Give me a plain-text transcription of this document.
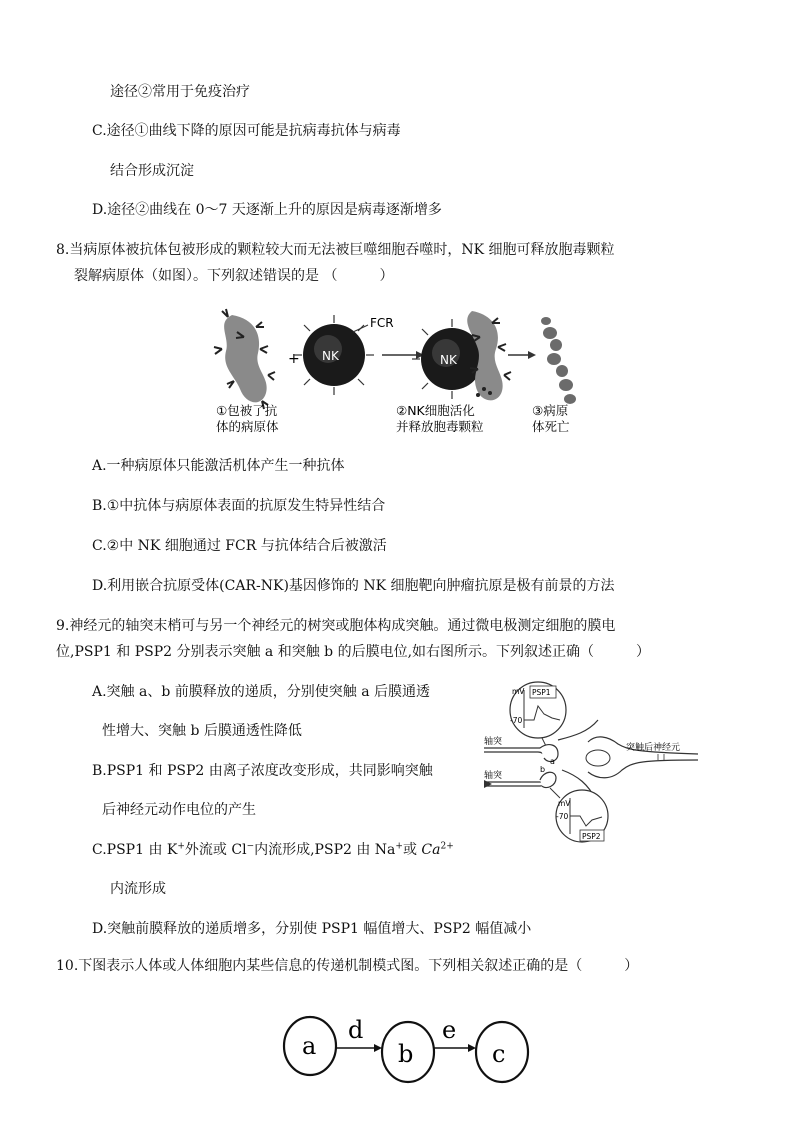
途径②常用于免疫治疗
C.途径①曲线下降的原因可能是抗病毒抗体与病毒
结合形成沉淀
D.途径②曲线在 0～7 天逐渐上升的原因是病毒逐渐增多
8.当病原体被抗体包被形成的颗粒较大而无法被巨噬细胞吞噬时，NK 细胞可释放胞毒颗粒
裂解病原体（如图）。下列叙述错误的是 （　　　）
+ NK
FCR
NK
①包被了抗
体的病原体
②NK细胞活化
并释放胞毒颗粒
③病原
体死亡
A.一种病原体只能激活机体产生一种抗体
B.①中抗体与病原体表面的抗原发生特异性结合
C.②中 NK 细胞通过 FCR 与抗体结合后被激活
D.利用嵌合抗原受体(CAR-NK)基因修饰的 NK 细胞靶向肿瘤抗原是极有前景的方法
9.神经元的轴突末梢可与另一个神经元的树突或胞体构成突触。通过微电极测定细胞的膜电
位,PSP1 和 PSP2 分别表示突触 a 和突触 b 的后膜电位,如右图所示。下列叙述正确（　　　）
A.突触 a、b 前膜释放的递质，分别使突触 a 后膜通透
性增大、突触 b 后膜通透性降低
B.PSP1 和 PSP2 由离子浓度改变形成，共同影响突触
后神经元动作电位的产生
C.PSP1 由 K+外流或 Cl−内流形成,PSP2 由 Na+或 $Ca^{2+}$
内流形成
D.突触前膜释放的递质增多，分别使 PSP1 幅值增大、PSP2 幅值减小
mV PSP1
-70
轴突
a
突触后神经元
轴突
b
mV
-70
PSP2
10.下图表示人体或人体细胞内某些信息的传递机制模式图。下列相关叙述正确的是（　　　）
a
d
b
e
c
